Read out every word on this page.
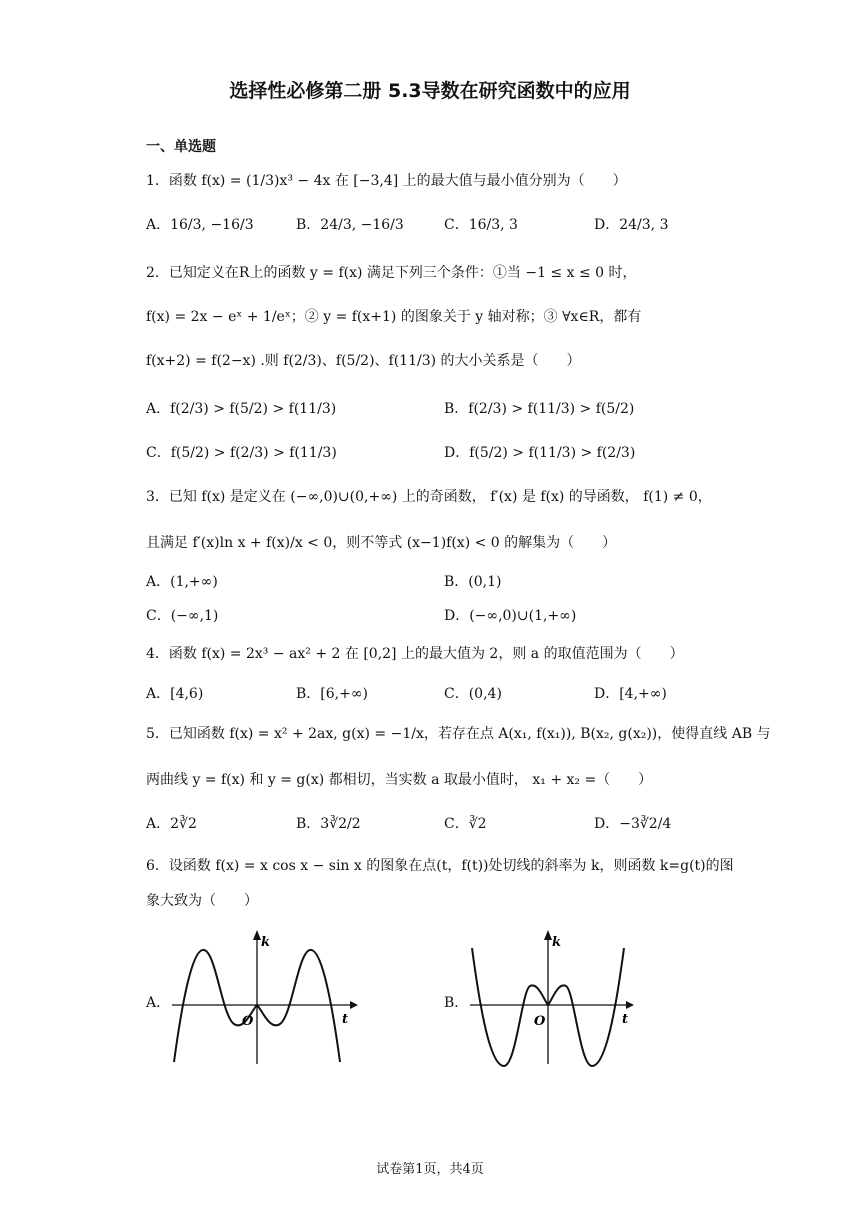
选择性必修第二册 5.3导数在研究函数中的应用
一、单选题
1．函数 f(x) = (1/3)x³ − 4x 在 [−3,4] 上的最大值与最小值分别为（　　）
A．16/3, −16/3	B．24/3, −16/3	C．16/3, 3	D．24/3, 3
2．已知定义在R上的函数 y = f(x) 满足下列三个条件：①当 −1 ≤ x ≤ 0 时，
f(x) = 2x − eˣ + 1/eˣ；② y = f(x+1) 的图象关于 y 轴对称；③ ∀x∈R，都有
f(x+2) = f(2−x) .则 f(2/3)、f(5/2)、f(11/3) 的大小关系是（　　）
A．f(2/3) > f(5/2) > f(11/3)	B．f(2/3) > f(11/3) > f(5/2)
C．f(5/2) > f(2/3) > f(11/3)	D．f(5/2) > f(11/3) > f(2/3)
3．已知 f(x) 是定义在 (−∞,0)∪(0,+∞) 上的奇函数， f′(x) 是 f(x) 的导函数， f(1) ≠ 0，
且满足 f′(x)ln x + f(x)/x < 0，则不等式 (x−1)f(x) < 0 的解集为（　　）
A．(1,+∞)	B．(0,1)
C．(−∞,1)	D．(−∞,0)∪(1,+∞)
4．函数 f(x) = 2x³ − ax² + 2 在 [0,2] 上的最大值为 2，则 a 的取值范围为（　　）
A．[4,6)	B．[6,+∞)	C．(0,4)	D．[4,+∞)
5．已知函数 f(x) = x² + 2ax, g(x) = −1/x，若存在点 A(x₁, f(x₁)), B(x₂, g(x₂))，使得直线 AB 与
两曲线 y = f(x) 和 y = g(x) 都相切，当实数 a 取最小值时， x₁ + x₂ =（　　）
A．2∛2	B．3∛2/2	C．∛2	D．−3∛2/4
6．设函数 f(x) = x cos x − sin x 的图象在点(t，f(t))处切线的斜率为 k，则函数 k=g(t)的图
象大致为（　　）
A．	B．
k
t
O
k
t
O
试卷第1页，共4页
